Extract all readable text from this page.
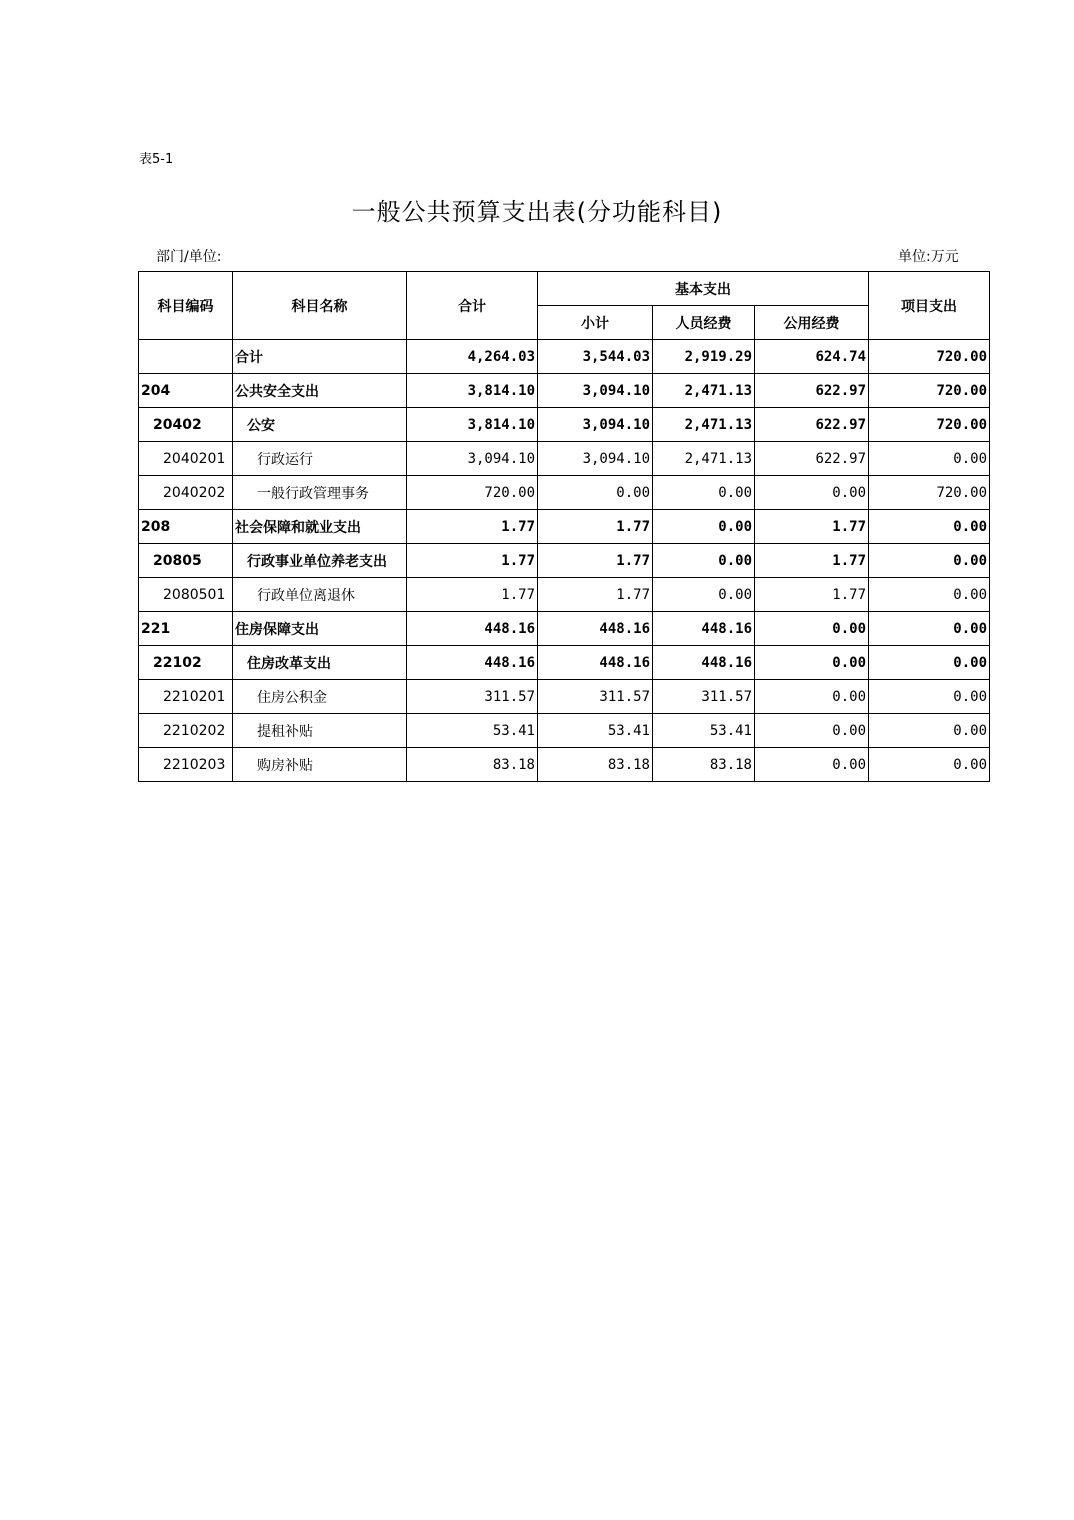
表5-1
一般公共预算支出表(分功能科目)
部门/单位:	单位:万元
科目编码	科目名称	合计	基本支出			项目支出
			小计	人员经费	公用经费	
	合计	4,264.03	3,544.03	2,919.29	624.74	720.00
204	公共安全支出	3,814.10	3,094.10	2,471.13	622.97	720.00
20402	公安	3,814.10	3,094.10	2,471.13	622.97	720.00
2040201	行政运行	3,094.10	3,094.10	2,471.13	622.97	0.00
2040202	一般行政管理事务	720.00	0.00	0.00	0.00	720.00
208	社会保障和就业支出	1.77	1.77	0.00	1.77	0.00
20805	行政事业单位养老支出	1.77	1.77	0.00	1.77	0.00
2080501	行政单位离退休	1.77	1.77	0.00	1.77	0.00
221	住房保障支出	448.16	448.16	448.16	0.00	0.00
22102	住房改革支出	448.16	448.16	448.16	0.00	0.00
2210201	住房公积金	311.57	311.57	311.57	0.00	0.00
2210202	提租补贴	53.41	53.41	53.41	0.00	0.00
2210203	购房补贴	83.18	83.18	83.18	0.00	0.00
